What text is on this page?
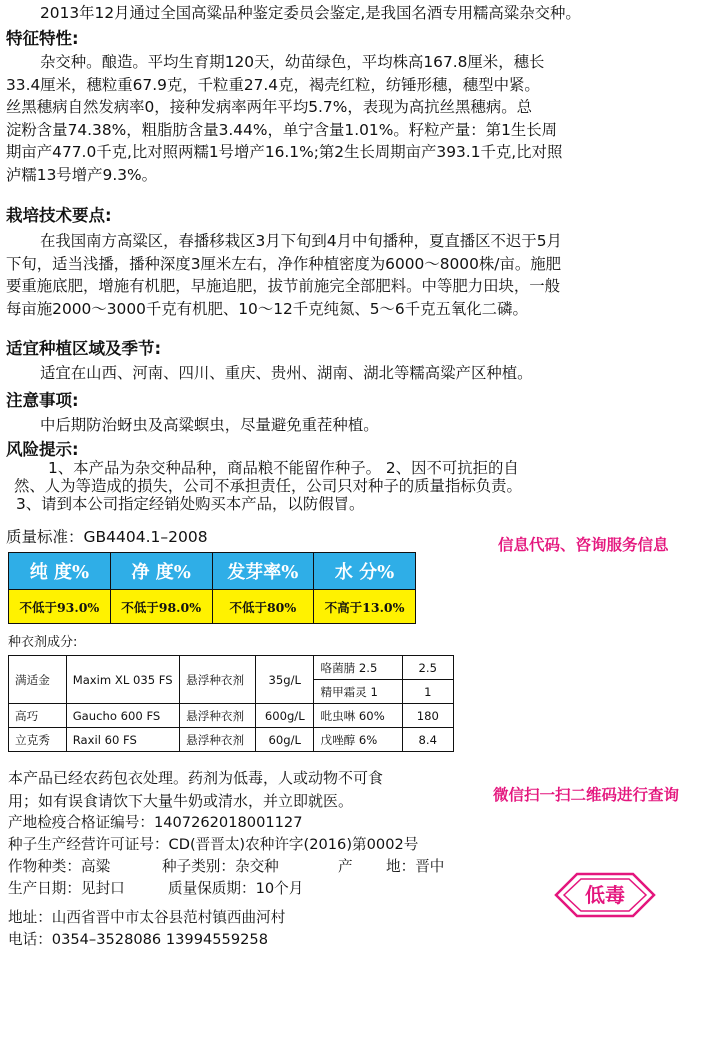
2013年12月通过全国高粱品种鉴定委员会鉴定,是我国名酒专用糯高粱杂交种。
特征特性:
杂交种。酿造。平均生育期120天，幼苗绿色，平均株高167.8厘米，穗长
33.4厘米，穗粒重67.9克，千粒重27.4克，褐壳红粒，纺锤形穗，穗型中紧。
丝黑穗病自然发病率0，接种发病率两年平均5.7%，表现为高抗丝黑穗病。总
淀粉含量74.38%，粗脂肪含量3.44%，单宁含量1.01%。籽粒产量：第1生长周
期亩产477.0千克,比对照两糯1号增产16.1%;第2生长周期亩产393.1千克,比对照
泸糯13号增产9.3%。
栽培技术要点:
在我国南方高粱区，春播移栽区3月下旬到4月中旬播种，夏直播区不迟于5月
下旬，适当浅播，播种深度3厘米左右，净作种植密度为6000～8000株/亩。施肥
要重施底肥，增施有机肥，早施追肥，拔节前施完全部肥料。中等肥力田块，一般
每亩施2000～3000千克有机肥、10～12千克纯氮、5～6千克五氧化二磷。
适宜种植区域及季节:
适宜在山西、河南、四川、重庆、贵州、湖南、湖北等糯高粱产区种植。
注意事项:
中后期防治蚜虫及高粱螟虫，尽量避免重茬种植。
风险提示:
1、本产品为杂交种品种，商品粮不能留作种子。 2、因不可抗拒的自
然、人为等造成的损失，公司不承担责任，公司只对种子的质量指标负责。
3、请到本公司指定经销处购买本产品，以防假冒。
质量标准：GB4404.1–2008	信息代码、咨询服务信息
纯 度%	净 度%	发芽率%	水 分%
不低于93.0%	不低于98.0%	不低于80%	不高于13.0%
种衣剂成分:
满适金	Maxim XL 035 FS	悬浮种衣剂	35g/L	咯菌腈 2.5	2.5
				精甲霜灵 1	1
高巧	Gaucho 600 FS	悬浮种衣剂	600g/L	吡虫啉 60%	180
立克秀	Raxil 60 FS	悬浮种衣剂	60g/L	戊唑醇 6%	8.4
本产品已经农药包衣处理。药剂为低毒，人或动物不可食
用；如有误食请饮下大量牛奶或清水，并立即就医。	微信扫一扫二维码进行查询
产地检疫合格证编号：1407262018001127
种子生产经营许可证号：CD(晋晋太)农种许字(2016)第0002号
作物种类：高粱	种子类别：杂交种	产 地：晋中
生产日期：见封口	质量保质期：10个月	低毒
地址：山西省晋中市太谷县范村镇西曲河村
电话：0354–3528086 13994559258
